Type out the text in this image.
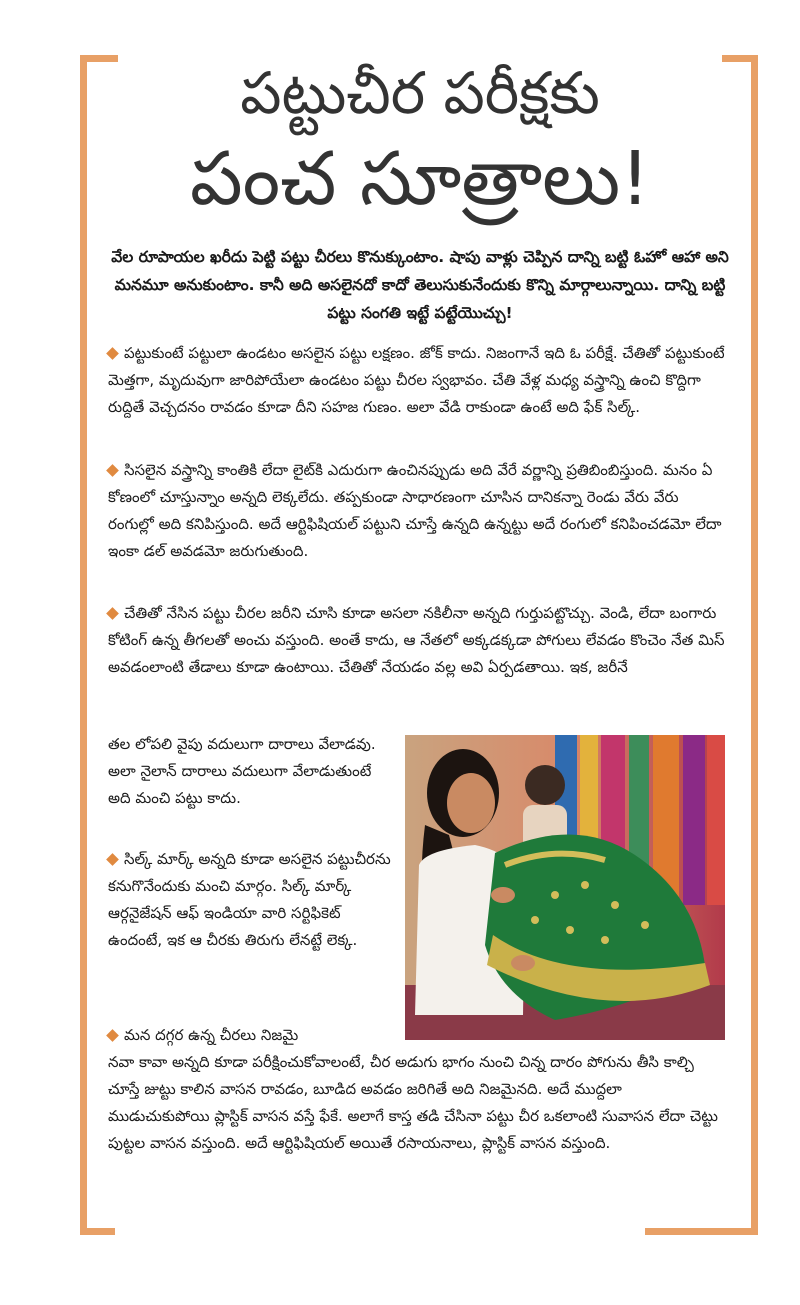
పట్టుచీర పరీక్షకు
పంచ సూత్రాలు!
వేల రూపాయల ఖరీదు పెట్టి పట్టు చీరలు కొనుక్కుంటాం. షాపు వాళ్లు చెప్పిన దాన్ని బట్టి ఓహో ఆహా అని మనమూ అనుకుంటాం. కానీ అది అసలైనదో కాదో తెలుసుకునేందుకు కొన్ని మార్గాలున్నాయి. దాన్ని బట్టి పట్టు సంగతి ఇట్టే పట్టేయొచ్చు!
పట్టుకుంటే పట్టులా ఉండటం అసలైన పట్టు లక్షణం. జోక్ కాదు. నిజంగానే ఇది ఓ పరీక్షే. చేతితో పట్టుకుంటే మెత్తగా, మృదువుగా జారిపోయేలా ఉండటం పట్టు చీరల స్వభావం. చేతి వేళ్ల మధ్య వస్త్రాన్ని ఉంచి కొద్దిగా రుద్దితే వెచ్చదనం రావడం కూడా దీని సహజ గుణం. అలా వేడి రాకుండా ఉంటే అది ఫేక్ సిల్క్.
సిసలైన వస్త్రాన్ని కాంతికి లేదా లైట్‌కి ఎదురుగా ఉంచినప్పుడు అది వేరే వర్ణాన్ని ప్రతిబింబిస్తుంది. మనం ఏ కోణంలో చూస్తున్నాం అన్నది లెక్కలేదు. తప్పకుండా సాధారణంగా చూసిన దానికన్నా రెండు వేరు వేరు రంగుల్లో అది కనిపిస్తుంది. అదే ఆర్టిఫిషియల్ పట్టుని చూస్తే ఉన్నది ఉన్నట్టు అదే రంగులో కనిపించడమో లేదా ఇంకా డల్ అవడమో జరుగుతుంది.
చేతితో నేసిన పట్టు చీరల జరీని చూసి కూడా అసలా నకిలీనా అన్నది గుర్తుపట్టొచ్చు. వెండి, లేదా బంగారు కోటింగ్ ఉన్న తీగలతో అంచు వస్తుంది. అంతే కాదు, ఆ నేతలో అక్కడక్కడా పోగులు లేవడం కొంచెం నేత మిస్ అవడంలాంటి తేడాలు కూడా ఉంటాయి. చేతితో నేయడం వల్ల అవి ఏర్పడతాయి. ఇక, జరీనే
తల లోపలి వైపు వదులుగా దారాలు వేలాడవు. అలా నైలాన్ దారాలు వదులుగా వేలాడుతుంటే అది మంచి పట్టు కాదు.
సిల్క్ మార్క్ అన్నది కూడా అసలైన పట్టుచీరను కనుగొనేందుకు మంచి మార్గం. సిల్క్ మార్క్ ఆర్గనైజేషన్ ఆఫ్ ఇండియా వారి సర్టిఫికెట్ ఉందంటే, ఇక ఆ చీరకు తిరుగు లేనట్టే లెక్క.
మన దగ్గర ఉన్న చీరలు నిజమై
నవా కావా అన్నది కూడా పరీక్షించుకోవాలంటే, చీర అడుగు భాగం నుంచి చిన్న దారం పోగును తీసి కాల్చి చూస్తే జుట్టు కాలిన వాసన రావడం, బూడిద అవడం జరిగితే అది నిజమైనది. అదే ముద్దలా ముడుచుకుపోయి ప్లాస్టిక్ వాసన వస్తే ఫేకే. అలాగే కాస్త తడి చేసినా పట్టు చీర ఒకలాంటి సువాసన లేదా చెట్టు పుట్టల వాసన వస్తుంది. అదే ఆర్టిఫిషియల్ అయితే రసాయనాలు, ప్లాస్టిక్ వాసన వస్తుంది.
